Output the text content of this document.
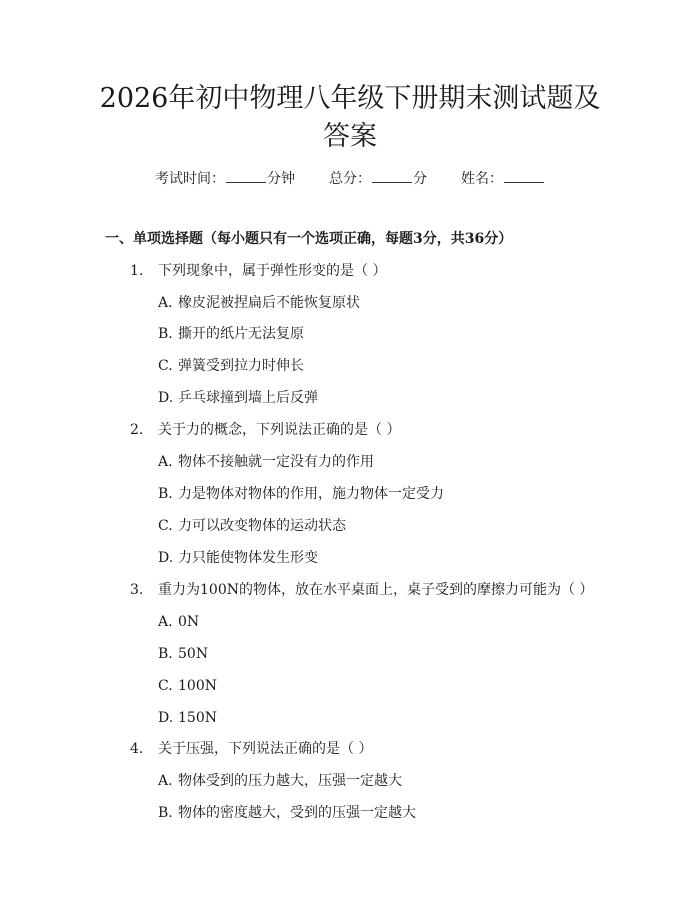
2026年初中物理八年级下册期末测试题及答案
考试时间：	分钟 总分：	分 姓名：
一、单项选择题（每小题只有一个选项正确，每题3分，共36分）
1. 下列现象中，属于弹性形变的是（ ）
A. 橡皮泥被捏扁后不能恢复原状
B. 撕开的纸片无法复原
C. 弹簧受到拉力时伸长
D. 乒乓球撞到墙上后反弹
2. 关于力的概念，下列说法正确的是（ ）
A. 物体不接触就一定没有力的作用
B. 力是物体对物体的作用，施力物体一定受力
C. 力可以改变物体的运动状态
D. 力只能使物体发生形变
3. 重力为100N的物体，放在水平桌面上，桌子受到的摩擦力可能为（ ）
A. 0N
B. 50N
C. 100N
D. 150N
4. 关于压强，下列说法正确的是（ ）
A. 物体受到的压力越大，压强一定越大
B. 物体的密度越大，受到的压强一定越大
